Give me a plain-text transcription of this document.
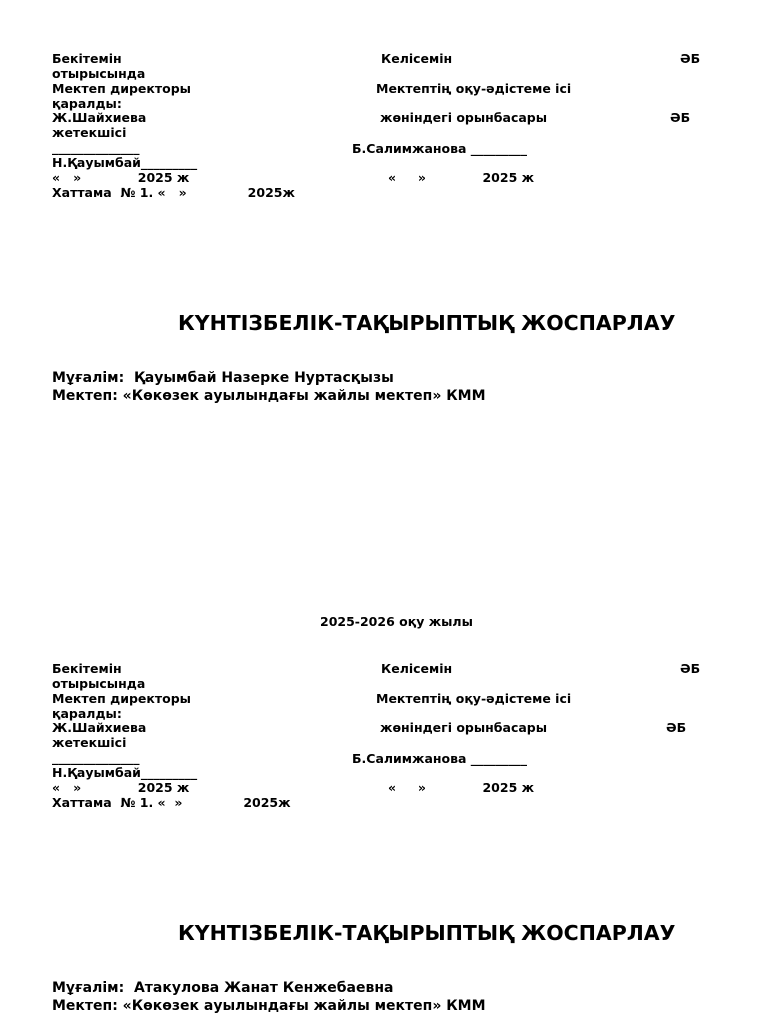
Бекітемін	Келісемін	ӘБ
отырысында
Мектеп директоры	Мектептің оқу-әдістеме ісі
қаралды:
Ж.Шайхиева	жөніндегі орынбасары	ӘБ
жетекшісі
______________	Б.Салимжанова _________
Н.Қауымбай_________
«   »             2025 ж	«     »             2025 ж
Хаттама  № 1. «   »              2025ж
КҮНТІЗБЕЛІК-ТАҚЫРЫПТЫҚ ЖОСПАРЛАУ
Мұғалім:  Қауымбай Назерке Нуртасқызы
Мектеп: «Көкөзек ауылындағы жайлы мектеп» КММ
2025-2026 оқу жылы
Бекітемін	Келісемін	ӘБ
отырысында
Мектеп директоры	Мектептің оқу-әдістеме ісі
қаралды:
Ж.Шайхиева	жөніндегі орынбасары	ӘБ
жетекшісі
______________	Б.Салимжанова _________
Н.Қауымбай_________
«   »             2025 ж	«     »             2025 ж
Хаттама  № 1. «  »              2025ж
КҮНТІЗБЕЛІК-ТАҚЫРЫПТЫҚ ЖОСПАРЛАУ
Мұғалім:  Атакулова Жанат Кенжебаевна
Мектеп: «Көкөзек ауылындағы жайлы мектеп» КММ
